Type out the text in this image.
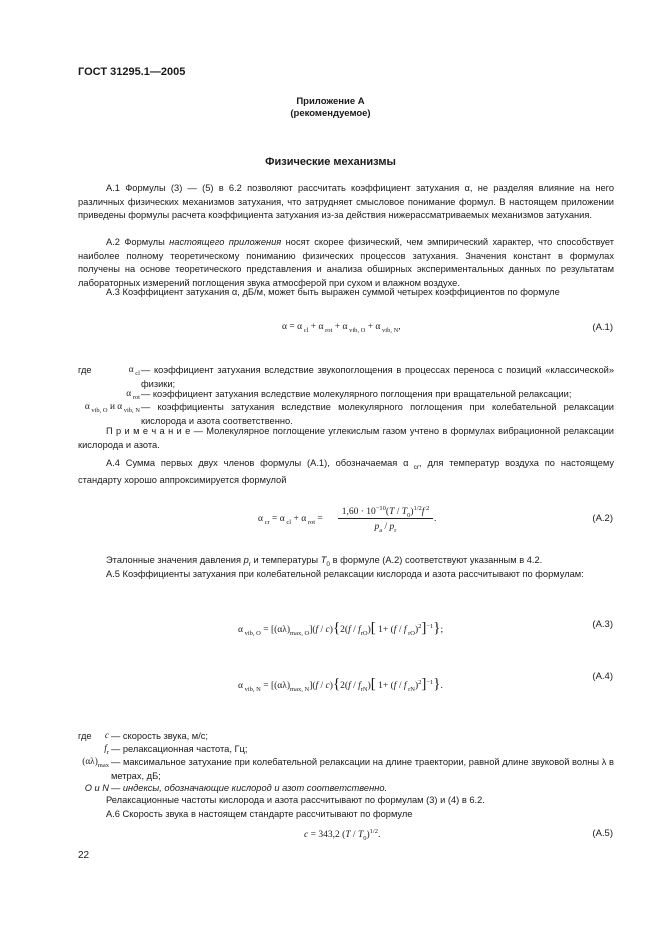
ГОСТ 31295.1—2005
Приложение А
(рекомендуемое)
Физические механизмы
А.1 Формулы (3) — (5) в 6.2 позволяют рассчитать коэффициент затухания α, не разделяя влияние на него различных физических механизмов затухания, что затрудняет смысловое понимание формул. В настоящем приложении приведены формулы расчета коэффициента затухания из-за действия нижерассматриваемых механизмов затухания.
А.2 Формулы настоящего приложения носят скорее физический, чем эмпирический характер, что способствует наиболее полному теоретическому пониманию физических процессов затухания. Значения констант в формулах получены на основе теоретического представления и анализа обширных экспериментальных данных по результатам лабораторных измерений поглощения звука атмосферой при сухом и влажном воздухе.
А.3 Коэффициент затухания α, дБ/м, может быть выражен суммой четырех коэффициентов по формуле
α = α $_{cl}$ + α $_{rot}$ + α $_{vib, O}$ + α $_{vib, N}$,	(А.1)
где	α $_{cl}$ — коэффициент затухания вследствие звукопоглощения в процессах переноса с позиций «классической» физики;
α $_{rot}$ — коэффициент затухания вследствие молекулярного поглощения при вращательной релаксации;
α $_{vib, O}$ и α $_{vib, N}$ — коэффициенты затухания вследствие молекулярного поглощения при колебательной релаксации кислорода и азота соответственно.
П р и м е ч а н и е — Молекулярное поглощение углекислым газом учтено в формулах вибрационной релаксации кислорода и азота.
А.4 Сумма первых двух членов формулы (А.1), обозначаемая α $_{cr}$, для температур воздуха по настоящему стандарту хорошо аппроксимируется формулой
α $_{cr}$ = α $_{cl}$ + α $_{rot}$ =
$1,60 \cdot 10^{-10}(T / T_0)^{1/2}f$ $^2$
$p_a / p_r$
.	(А.2)
Эталонные значения давления $p_r$ и температуры $T_0$ в формуле (А.2) соответствуют указанным в 4.2.
А.5 Коэффициенты затухания при колебательной релаксации кислорода и азота рассчитывают по формулам:
α $_{vib, O} = [(\alpha\lambda)_{max, O}](f / c)\{2(f / f_{rO})$[ 1+ (f / f $_{rO}$)$^2$]$^{-1}$};	(А.3)
α $_{vib, N} = [(\alpha\lambda)_{max, N}](f / c)\{2(f / f_{rN})$[ 1+ (f / f $_{rN}$)$^2$]$^{-1}$}.
(А.4)
где c — скорость звука, м/с;
$f_r$ — релаксационная частота, Гц;
$(\alpha\lambda)_{max}$ — максимальное затухание при колебательной релаксации на длине траектории, равной длине звуковой волны λ в метрах, дБ;
O и N — индексы, обозначающие кислород и азот соответственно.
Релаксационные частоты кислорода и азота рассчитывают по формулам (3) и (4) в 6.2.
А.6 Скорость звука в настоящем стандарте рассчитывают по формуле
c = 343,2 $(T / T_0)^{1/2}$.	(А.5)
22
